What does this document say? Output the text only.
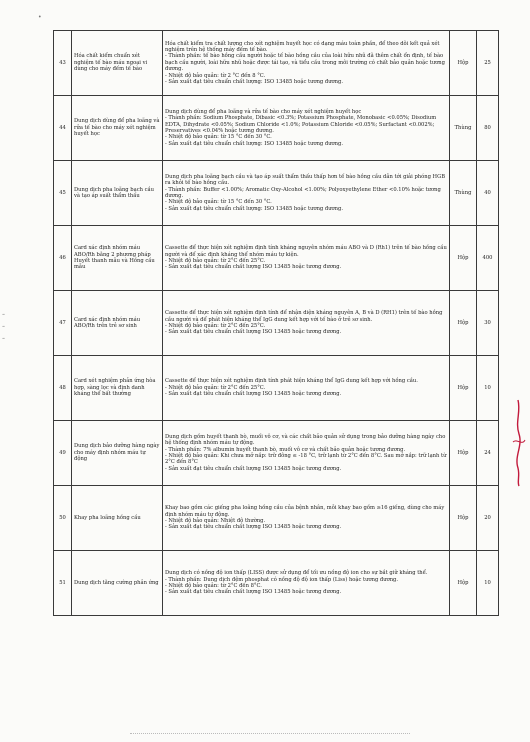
•
-
-
-
43	Hóa chất kiểm chuẩn xét nghiệm tế bào máu ngoại vi dùng cho máy đếm tế bào	Hóa chất kiểm tra chất lượng cho xét nghiệm huyết học có dạng máu toàn phần, để theo dõi kết quả xét nghiệm trên hệ thống máy đếm tế bào.
- Thành phần: tế bào hồng cầu người hoặc tế bào hồng cầu của loài hữu nhũ đã thêm chất ổn định, tế bào bạch cầu người, loài hữu nhũ hoặc được tái tạo, và tiểu cầu trong môi trường có chất bảo quản hoặc tương đương.
- Nhiệt độ bảo quản: từ 2 °C đến 8 °C.
- Sản xuất đạt tiêu chuẩn chất lượng: ISO 13485 hoặc tương đương.	Hộp	25
44	Dung dịch dùng để pha loãng và rửa tế bào cho máy xét nghiệm huyết học	Dung dịch dùng để pha loãng và rửa tế bào cho máy xét nghiệm huyết học
- Thành phần: Sodium Phosphate, Dibasic <0.3%; Potassium Phosphate, Monobasic <0.05%; Disodium EDTA, Dihydrate <0.05%; Sodium Chloride <1.0%; Potassium Chloride <0.05%; Surfactant <0.002%; Preservatives <0.04% hoặc tương đương.
- Nhiệt độ bảo quản: từ 15 °C đến 30 °C.
- Sản xuất đạt tiêu chuẩn chất lượng: ISO 13485 hoặc tương đương.	Thùng	80
45	Dung dịch pha loãng bạch cầu và tạo áp suất thẩm thấu	Dung dịch pha loãng bạch cầu và tạo áp suất thẩm thấu thấp hơn tế bào hồng cầu dẫn tới giải phóng HGB ra khỏi tế bào hồng cầu.
- Thành phần: Buffer <1.00%; Aromatic Oxy-Alcohol <1.00%; Polyoxyethylene Ether <0.10% hoặc tương đương.
- Nhiệt độ bảo quản: từ 15 °C đến 30 °C.
- Sản xuất đạt tiêu chuẩn chất lượng: ISO 13485 hoặc tương đương.	Thùng	40
46	Card xác định nhóm máu ABO/Rh bằng 2 phương pháp Huyết thanh mẫu và Hồng cầu mẫu	Cassette để thực hiện xét nghiệm định tính kháng nguyên nhóm máu ABO và D (Rh1) trên tế bào hồng cầu người và để xác định kháng thể nhóm máu tự kiện.
- Nhiệt độ bảo quản: từ 2°C đến 25°C.
- Sản xuất đạt tiêu chuẩn chất lượng ISO 13485 hoặc tương đương.	Hộp	400
47	Card xác định nhóm máu ABO/Rh trên trẻ sơ sinh	Cassette để thực hiện xét nghiệm định tính để nhận diện kháng nguyên A, B và D (RH1) trên tế bào hồng cầu người và để phát hiện kháng thể IgG dung kết hợp với tế bào ở trẻ sơ sinh.
- Nhiệt độ bảo quản: từ 2°C đến 25°C.
- Sản xuất đạt tiêu chuẩn chất lượng ISO 13485 hoặc tương đương.	Hộp	30
48	Card xét nghiệm phản ứng hòa hợp, sàng lọc và định danh kháng thể bất thường	Cassette để thực hiện xét nghiệm định tính phát hiện kháng thể IgG dung kết hợp với hồng cầu.
- Nhiệt độ bảo quản: từ 2°C đến 25°C.
- Sản xuất đạt tiêu chuẩn chất lượng ISO 13485 hoặc tương đương.	Hộp	10
49	Dung dịch bảo dưỡng hàng ngày cho máy định nhóm máu tự động	Dung dịch gồm huyết thanh bò, muối vô cơ, và các chất bảo quản sử dụng trong bảo dưỡng hàng ngày cho hệ thống định nhóm máu tự động.
- Thành phần: 7% albumin huyết thanh bò, muối vô cơ và chất bảo quản hoặc tương đương.
- Nhiệt độ bảo quản: Khi chưa mở nắp: trữ đông ≤ -18 °C, trữ lạnh từ 2°C đến 8°C. Sau mở nắp: trữ lạnh từ 2°C đến 8°C
- Sản xuất đạt tiêu chuẩn chất lượng ISO 13485 hoặc tương đương.	Hộp	24
50	Khay pha loãng hồng cầu	Khay bao gồm các giếng pha loãng hồng cầu của bệnh nhân, mỗi khay bao gồm ≥16 giếng, dùng cho máy định nhóm máu tự động.
- Nhiệt độ bảo quản: Nhiệt độ thường.
- Sản xuất đạt tiêu chuẩn chất lượng ISO 13485 hoặc tương đương.	Hộp	20
51	Dung dịch tăng cường phản ứng	Dung dịch có nồng độ ion thấp (LISS) được sử dụng để tối ưu nồng độ ion cho sự bắt giữ kháng thể.
- Thành phần: Dung dịch đệm phosphat có nồng độ độ ion thấp (Liss) hoặc tương đương.
- Nhiệt độ bảo quản: từ 2°C đến 8°C.
- Sản xuất đạt tiêu chuẩn chất lượng ISO 13485 hoặc tương đương.	Hộp	10
